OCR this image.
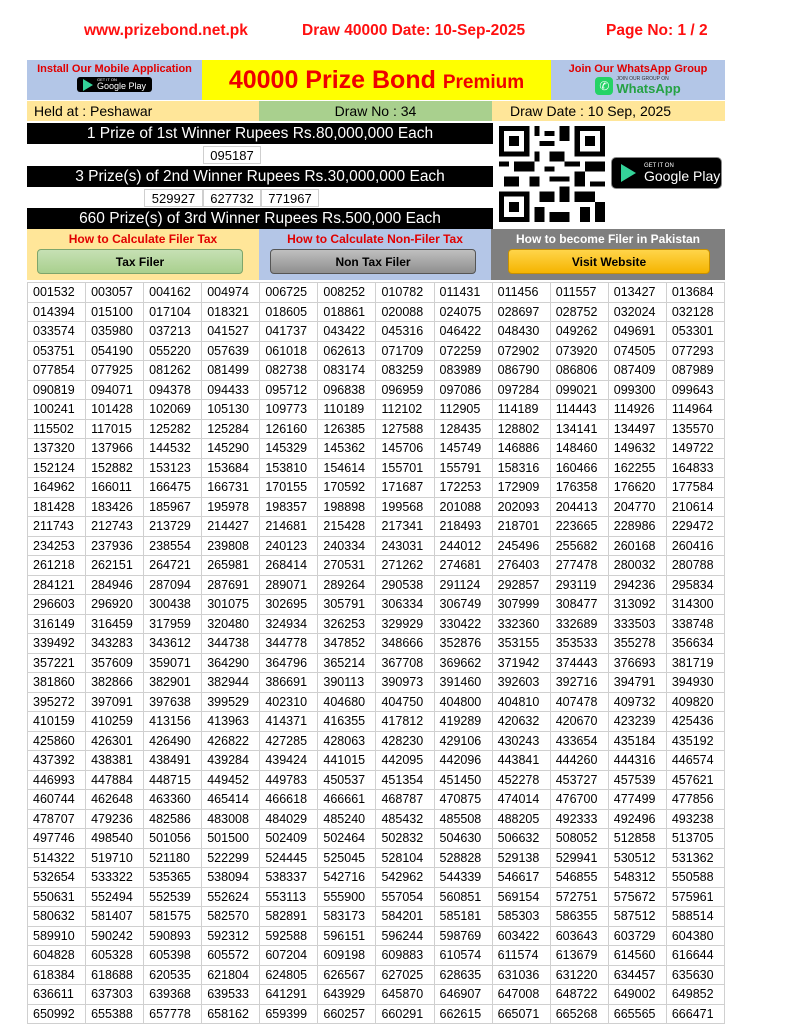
www.prizebond.net.pk	Draw 40000 Date: 10-Sep-2025	Page No: 1 / 2
Install Our Mobile Application
GET IT ON
Google Play	40000 Prize Bond Premium
Join Our WhatsApp Group
✆	JOIN OUR GROUP ON
WhatsApp
Held at : Peshawar	Draw No : 34	Draw Date : 10 Sep, 2025
1 Prize of 1st Winner Rupees Rs.80,000,000 Each
095187
3 Prize(s) of 2nd Winner Rupees Rs.30,000,000 Each
529927	627732	771967
660 Prize(s) of 3rd Winner Rupees Rs.500,000 Each
GET IT ON
Google Play
How to Calculate Filer Tax
Tax Filer
How to Calculate Non-Filer Tax
Non Tax Filer
How to become Filer in Pakistan
Visit Website
001532	003057	004162	004974	006725	008252	010782	011431	011456	011557	013427	013684
014394	015100	017104	018321	018605	018861	020088	024075	028697	028752	032024	032128
033574	035980	037213	041527	041737	043422	045316	046422	048430	049262	049691	053301
053751	054190	055220	057639	061018	062613	071709	072259	072902	073920	074505	077293
077854	077925	081262	081499	082738	083174	083259	083989	086790	086806	087409	087989
090819	094071	094378	094433	095712	096838	096959	097086	097284	099021	099300	099643
100241	101428	102069	105130	109773	110189	112102	112905	114189	114443	114926	114964
115502	117015	125282	125284	126160	126385	127588	128435	128802	134141	134497	135570
137320	137966	144532	145290	145329	145362	145706	145749	146886	148460	149632	149722
152124	152882	153123	153684	153810	154614	155701	155791	158316	160466	162255	164833
164962	166011	166475	166731	170155	170592	171687	172253	172909	176358	176620	177584
181428	183426	185967	195978	198357	198898	199568	201088	202093	204413	204770	210614
211743	212743	213729	214427	214681	215428	217341	218493	218701	223665	228986	229472
234253	237936	238554	239808	240123	240334	243031	244012	245496	255682	260168	260416
261218	262151	264721	265981	268414	270531	271262	274681	276403	277478	280032	280788
284121	284946	287094	287691	289071	289264	290538	291124	292857	293119	294236	295834
296603	296920	300438	301075	302695	305791	306334	306749	307999	308477	313092	314300
316149	316459	317959	320480	324934	326253	329929	330422	332360	332689	333503	338748
339492	343283	343612	344738	344778	347852	348666	352876	353155	353533	355278	356634
357221	357609	359071	364290	364796	365214	367708	369662	371942	374443	376693	381719
381860	382866	382901	382944	386691	390113	390973	391460	392603	392716	394791	394930
395272	397091	397638	399529	402310	404680	404750	404800	404810	407478	409732	409820
410159	410259	413156	413963	414371	416355	417812	419289	420632	420670	423239	425436
425860	426301	426490	426822	427285	428063	428230	429106	430243	433654	435184	435192
437392	438381	438491	439284	439424	441015	442095	442096	443841	444260	444316	446574
446993	447884	448715	449452	449783	450537	451354	451450	452278	453727	457539	457621
460744	462648	463360	465414	466618	466661	468787	470875	474014	476700	477499	477856
478707	479236	482586	483008	484029	485240	485432	485508	488205	492333	492496	493238
497746	498540	501056	501500	502409	502464	502832	504630	506632	508052	512858	513705
514322	519710	521180	522299	524445	525045	528104	528828	529138	529941	530512	531362
532654	533322	535365	538094	538337	542716	542962	544339	546617	546855	548312	550588
550631	552494	552539	552624	553113	555900	557054	560851	569154	572751	575672	575961
580632	581407	581575	582570	582891	583173	584201	585181	585303	586355	587512	588514
589910	590242	590893	592312	592588	596151	596244	598769	603422	603643	603729	604380
604828	605328	605398	605572	607204	609198	609883	610574	611574	613679	614560	616644
618384	618688	620535	621804	624805	626567	627025	628635	631036	631220	634457	635630
636611	637303	639368	639533	641291	643929	645870	646907	647008	648722	649002	649852
650992	655388	657778	658162	659399	660257	660291	662615	665071	665268	665565	666471
